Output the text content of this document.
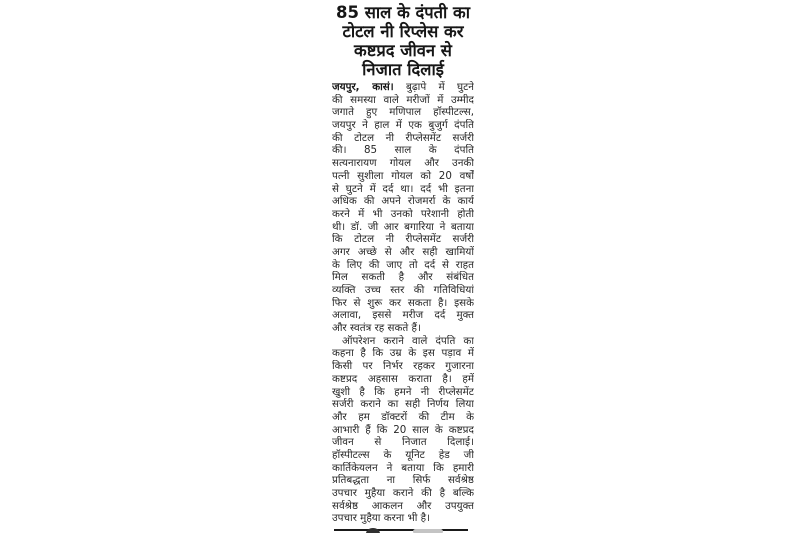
85 साल के दंपती का
टोटल नी रिप्लेस कर
कष्टप्रद जीवन से
निजात दिलाई
जयपुर, कासं। बुढ़ापे में घुटने
की समस्या वाले मरीजों में उम्मीद
जगाते हुए मणिपाल हॉस्पीटल्स,
जयपुर ने हाल में एक बुजुर्ग दंपति
की टोटल नी रीप्लेसमेंट सर्जरी
की। 85 साल के दंपति
सत्यनारायण गोयल और उनकी
पत्नी सुशीला गोयल को 20 वर्षों
से घुटने में दर्द था। दर्द भी इतना
अधिक की अपने रोजमर्रा के कार्य
करने में भी उनको परेशानी होती
थी। डॉ. जी आर बगारिया ने बताया
कि टोटल नी रीप्लेसमेंट सर्जरी
अगर अच्छे से और सही खामियों
के लिए की जाए तो दर्द से राहत
मिल सकती है और संबंधित
व्यक्ति उच्च स्तर की गतिविधियां
फिर से शुरू कर सकता है। इसके
अलावा, इससे मरीज दर्द मुक्त
और स्वतंत्र रह सकते हैं।
ऑपरेशन कराने वाले दंपति का
कहना है कि उम्र के इस पड़ाव में
किसी पर निर्भर रहकर गुजारना
कष्टप्रद अहसास कराता है। हमें
खुशी है कि हमने नी रीप्लेसमेंट
सर्जरी कराने का सही निर्णय लिया
और हम डॉक्टरों की टीम के
आभारी हैं कि 20 साल के कष्टप्रद
जीवन से निजात दिलाई।
हॉस्पीटल्स के यूनिट हेड जी
कार्तिकेयलन ने बताया कि हमारी
प्रतिबद्धता ना सिर्फ सर्वश्रेष्ठ
उपचार मुहैया कराने की है बल्कि
सर्वश्रेष्ठ आकलन और उपयुक्त
उपचार मुहैया करना भी है।
